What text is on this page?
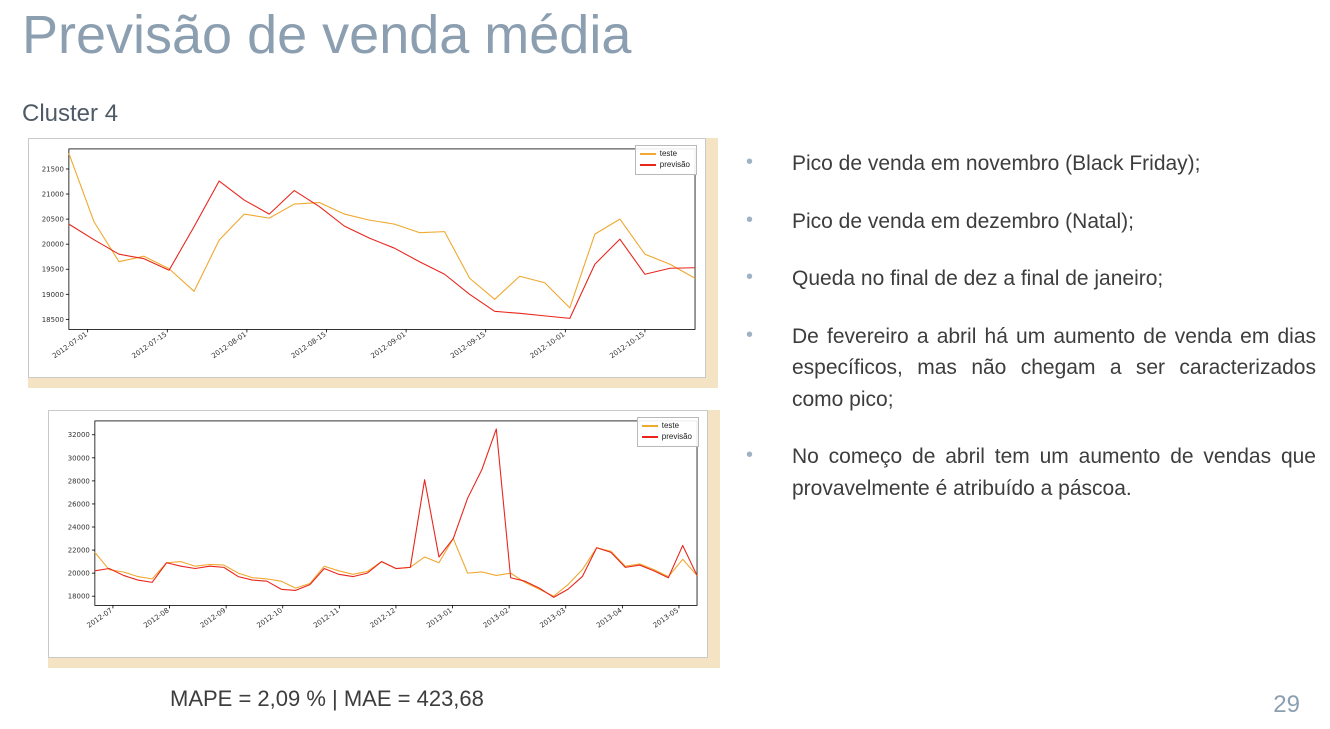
Previsão de venda média
Cluster 4
18500
19000
19500
20000
20500
21000
21500
2012-07-01	2012-07-15	2012-08-01	2012-08-15	2012-09-01	2012-09-15	2012-10-01	2012-10-15
teste
previsão
18000
20000
22000
24000
26000
28000
30000
32000
2012-07	2012-08	2012-09	2012-10	2012-11	2012-12	2013-01	2013-02	2013-03	2013-04	2013-05
teste
previsão
•	Pico de venda em novembro (Black Friday);
•	Pico de venda em dezembro (Natal);
•	Queda no final de dez a final de janeiro;
•	De fevereiro a abril há um aumento de venda em dias específicos, mas não chegam a ser caracterizados como pico;
•	No começo de abril tem um aumento de vendas que provavelmente é atribuído a páscoa.
MAPE = 2,09 % | MAE = 423,68	29
